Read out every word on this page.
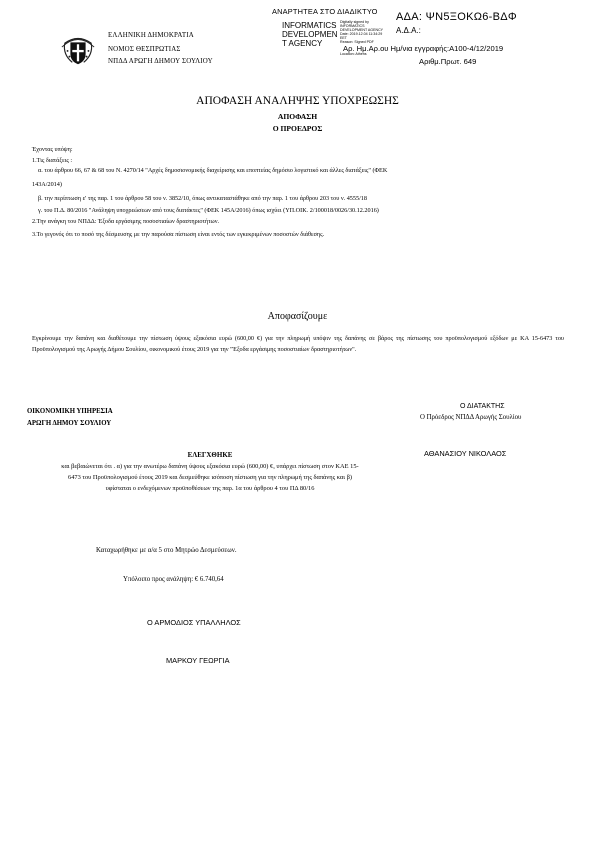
ΑΝΑΡΤΗΤΕΑ ΣΤΟ ΔΙΑΔΙΚΤΥΟ ΑΔΑ: ΨΝ5ΞΟΚΩ6-ΒΔΦ
Α.Δ.Α.:
INFORMATICS
DEVELOPMEN
T AGENCY
Digitally signed by
INFORMATICS
DEVELOPMENT AGENCY
Date: 2019.12.04 11:34:29
EET
Reason: Signed PDF
Location: Athens
Αρ. Ημ.Αρ.ου Ημ/νια εγγραφής:Α100-4/12/2019
Αριθμ.Πρωτ. 649
ΕΛΛΗΝΙΚΗ ΔΗΜΟΚΡΑΤΙΑ
ΝΟΜΟΣ ΘΕΣΠΡΩΤΙΑΣ
ΝΠΔΔ ΑΡΩΓΗ ΔΗΜΟΥ ΣΟΥΛΙΟΥ
ΑΠΟΦΑΣΗ ΑΝΑΛΗΨΗΣ ΥΠΟΧΡΕΩΣΗΣ
ΑΠΟΦΑΣΗ
Ο ΠΡΟΕΔΡΟΣ
Έχοντας υπόψη:
1.Τις διατάξεις :
α. του άρθρου 66, 67 & 68 του Ν. 4270/14 "Αρχές δημοσιονομικής διαχείρισης και εποπτείας δημόσιο λογιστικό και άλλες διατάξεις" (ΦΕΚ
143Α/2014)
β. την περίπτωση ε' της παρ. 1 του άρθρου 58 του ν. 3852/10, όπως αντικαταστάθηκε από την παρ. 1 του άρθρου 203 του ν. 4555/18
γ. του Π.Δ. 80/2016 "Ανάληψη υποχρεώσεων από τους διατάκτες" (ΦΕΚ 145Α/2016) όπως ισχύει (ΥΠ.ΟΙΚ. 2/100018/0026/30.12.2016)
2.Την ανάγκη του ΝΠΔΔ: Έξοδα εργάσιμης ποσοστιαίων δραστηριοτήτων.
3.Το γεγονός ότι το ποσό της δέσμευσης με την παρούσα πίστωση είναι εντός των εγκεκριμένων ποσοστών διάθεσης.
Αποφασίζουμε
Εγκρίνουμε την δαπάνη και διαθέτουμε την πίστωση ύψους εξακόσια ευρώ (600,00 €) για την πληρωμή υπόψιν της δαπάνης σε βάρος της πίστωσης του προϋπολογισμού εξόδων με ΚΑ 15-6473 του Προϋπολογισμού της Αρωγής Δήμου Σουλίου, οικονομικού έτους 2019 για την "Έξοδα εργάσιμης ποσοστιαίων δραστηριοτήτων".
ΟΙΚΟΝΟΜΙΚΗ ΥΠΗΡΕΣΙΑ
ΑΡΩΓΗ ΔΗΜΟΥ ΣΟΥΛΙΟΥ
Ο ΔΙΑΤΑΚΤΗΣ
Ο Πρόεδρος ΝΠΔΔ Αρωγής Σουλίου
ΕΛΕΓΧΘΗΚΕ
και βεβαιώνεται ότι . α) για την ανωτέρω δαπάνη ύψους εξακόσια ευρώ (600,00) €, υπάρχει πίστωση στον ΚΑΕ 15-6473 του Προϋπολογισμού έτους 2019 και δεσμεύθηκε ισόποση πίστωση για την πληρωμή της δαπάνης και β) υφίσταται ο ενδεχόμενων προϋποθέσεων της παρ. 1α του άρθρου 4 του ΠΔ 80/16
ΑΘΑΝΑΣΙΟΥ ΝΙΚΟΛΑΟΣ
Καταχωρήθηκε με α/α 5 στο Μητρώο Δεσμεύσεων.
Υπόλοιπο προς ανάληψη: € 6.740,64
Ο ΑΡΜΟΔΙΟΣ ΥΠΑΛΛΗΛΟΣ
ΜΑΡΚΟΥ ΓΕΩΡΓΙΑ
